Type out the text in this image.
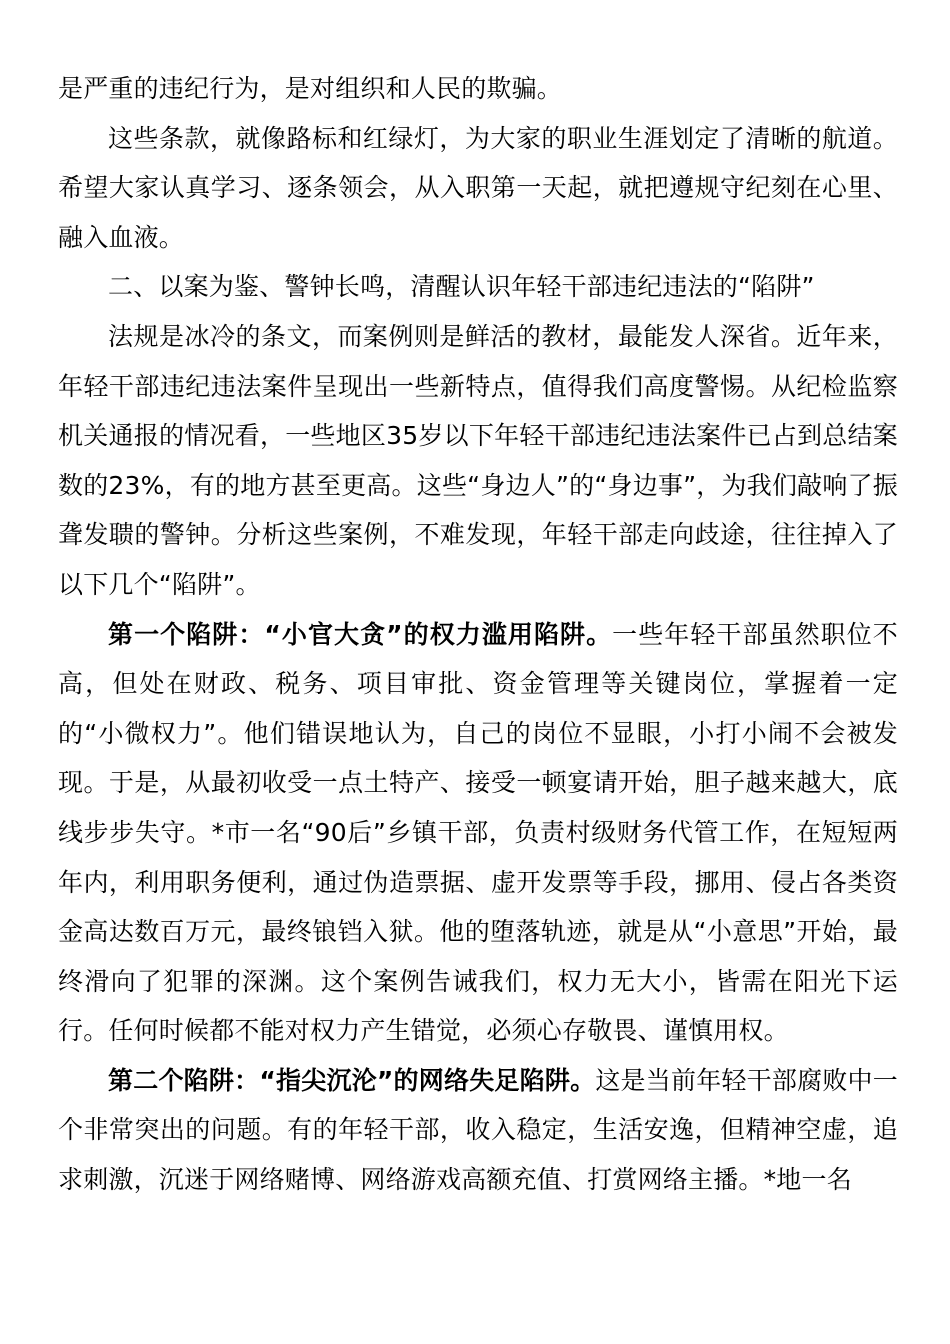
是严重的违纪行为，是对组织和人民的欺骗。

这些条款，就像路标和红绿灯，为大家的职业生涯划定了清晰的航道。希望大家认真学习、逐条领会，从入职第一天起，就把遵规守纪刻在心里、融入血液。

二、以案为鉴、警钟长鸣，清醒认识年轻干部违纪违法的“陷阱”

法规是冰冷的条文，而案例则是鲜活的教材，最能发人深省。近年来，年轻干部违纪违法案件呈现出一些新特点，值得我们高度警惕。从纪检监察机关通报的情况看，一些地区35岁以下年轻干部违纪违法案件已占到总结案数的23%，有的地方甚至更高。这些“身边人”的“身边事”，为我们敲响了振聋发聩的警钟。分析这些案例，不难发现，年轻干部走向歧途，往往掉入了以下几个“陷阱”。

第一个陷阱：“小官大贪”的权力滥用陷阱。一些年轻干部虽然职位不高，但处在财政、税务、项目审批、资金管理等关键岗位，掌握着一定的“小微权力”。他们错误地认为，自己的岗位不显眼，小打小闹不会被发现。于是，从最初收受一点土特产、接受一顿宴请开始，胆子越来越大，底线步步失守。*市一名“90后”乡镇干部，负责村级财务代管工作，在短短两年内，利用职务便利，通过伪造票据、虚开发票等手段，挪用、侵占各类资金高达数百万元，最终锒铛入狱。他的堕落轨迹，就是从“小意思”开始，最终滑向了犯罪的深渊。这个案例告诫我们，权力无大小，皆需在阳光下运行。任何时候都不能对权力产生错觉，必须心存敬畏、谨慎用权。

第二个陷阱：“指尖沉沦”的网络失足陷阱。这是当前年轻干部腐败中一个非常突出的问题。有的年轻干部，收入稳定，生活安逸，但精神空虚，追求刺激，沉迷于网络赌博、网络游戏高额充值、打赏网络主播。*地一名
